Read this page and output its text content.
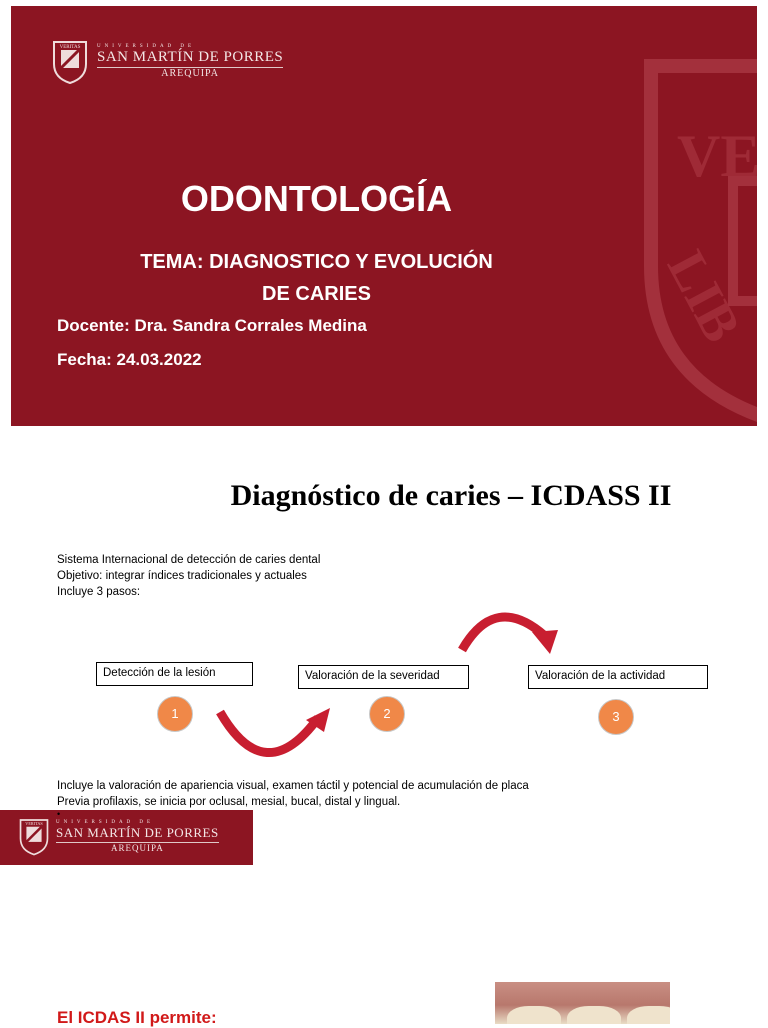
VE
LIB
VERITAS	UNIVERSIDAD DE
SAN MARTÍN DE PORRES
AREQUIPA
ODONTOLOGÍA
TEMA: DIAGNOSTICO Y EVOLUCIÓN
DE CARIES
Docente: Dra. Sandra Corrales Medina
Fecha: 24.03.2022
Diagnóstico de caries – ICDASS II
Sistema Internacional de detección de caries dental
Objetivo: integrar índices tradicionales y actuales
Incluye 3 pasos:
Detección de la lesión	Valoración de la severidad	Valoración de la actividad
1	2	3
Incluye la valoración de apariencia visual, examen táctil y potencial de acumulación de placa
Previa profilaxis, se inicia por oclusal, mesial, bucal, distal y lingual.
VERITAS	UNIVERSIDAD DE
SAN MARTÍN DE PORRES
AREQUIPA
•
El ICDAS II permite:
